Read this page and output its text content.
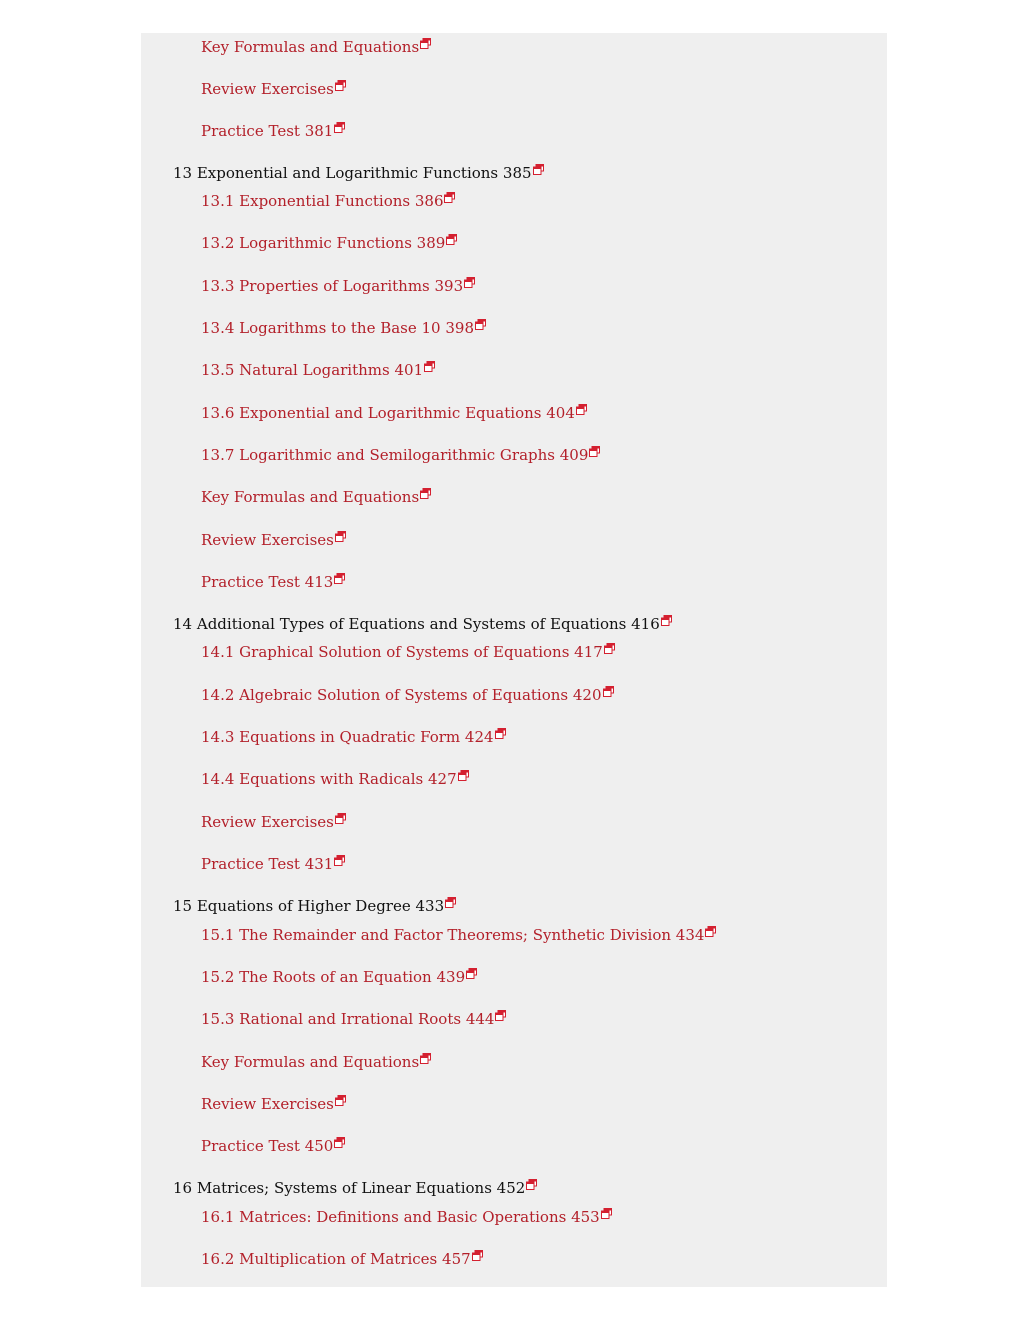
Key Formulas and Equations
Review Exercises
Practice Test 381
13 Exponential and Logarithmic Functions 385
13.1 Exponential Functions 386
13.2 Logarithmic Functions 389
13.3 Properties of Logarithms 393
13.4 Logarithms to the Base 10 398
13.5 Natural Logarithms 401
13.6 Exponential and Logarithmic Equations 404
13.7 Logarithmic and Semilogarithmic Graphs 409
Key Formulas and Equations
Review Exercises
Practice Test 413
14 Additional Types of Equations and Systems of Equations 416
14.1 Graphical Solution of Systems of Equations 417
14.2 Algebraic Solution of Systems of Equations 420
14.3 Equations in Quadratic Form 424
14.4 Equations with Radicals 427
Review Exercises
Practice Test 431
15 Equations of Higher Degree 433
15.1 The Remainder and Factor Theorems; Synthetic Division 434
15.2 The Roots of an Equation 439
15.3 Rational and Irrational Roots 444
Key Formulas and Equations
Review Exercises
Practice Test 450
16 Matrices; Systems of Linear Equations 452
16.1 Matrices: Definitions and Basic Operations 453
16.2 Multiplication of Matrices 457
